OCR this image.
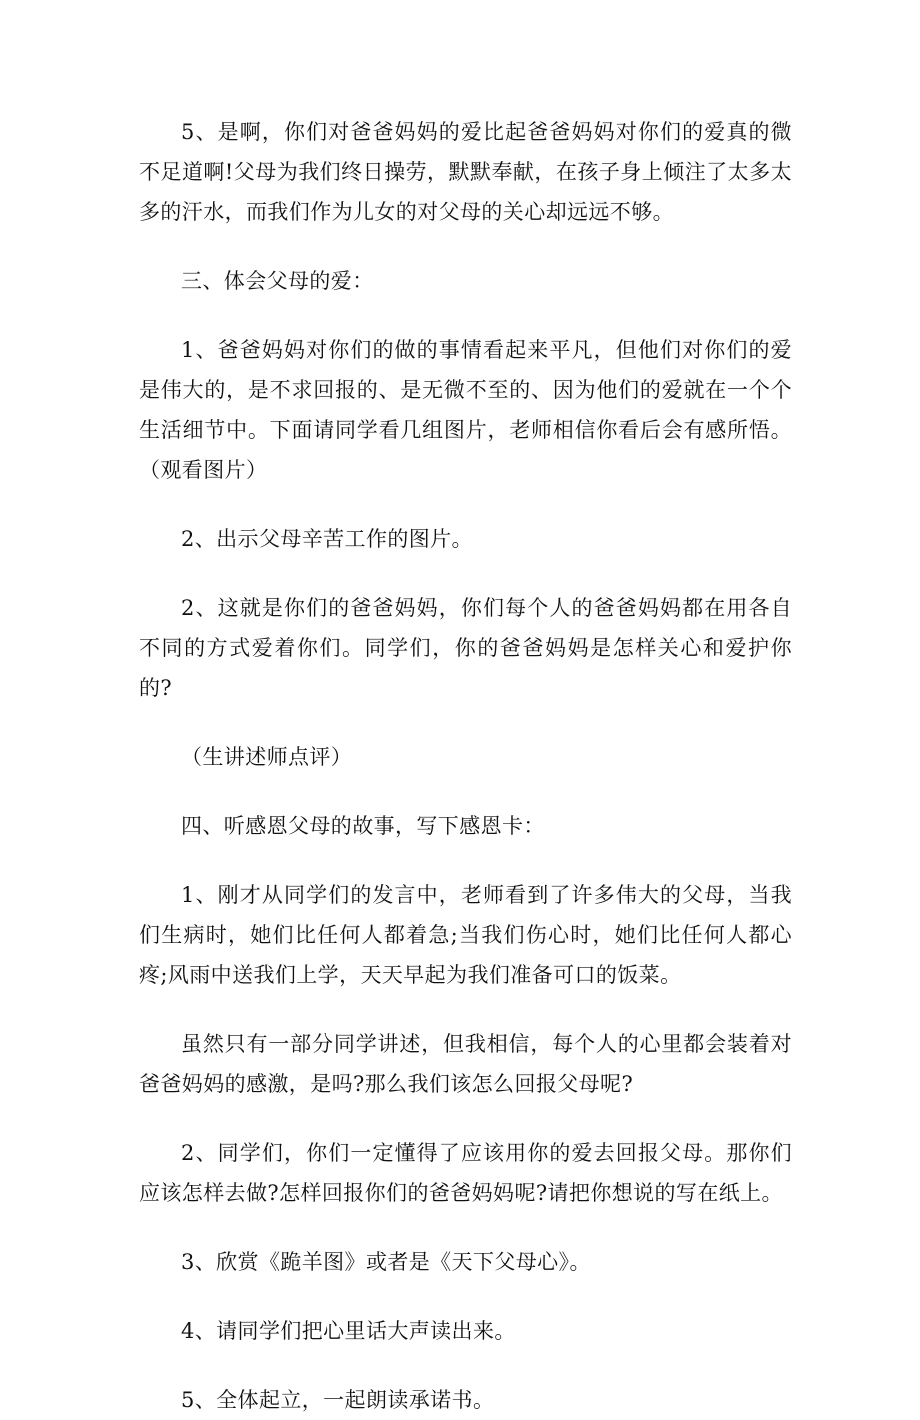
5、是啊，你们对爸爸妈妈的爱比起爸爸妈妈对你们的爱真的微不足道啊!父母为我们终日操劳，默默奉献，在孩子身上倾注了太多太多的汗水，而我们作为儿女的对父母的关心却远远不够。

三、体会父母的爱：

1、爸爸妈妈对你们的做的事情看起来平凡，但他们对你们的爱是伟大的，是不求回报的、是无微不至的、因为他们的爱就在一个个生活细节中。下面请同学看几组图片，老师相信你看后会有感所悟。（观看图片）

2、出示父母辛苦工作的图片。

2、这就是你们的爸爸妈妈，你们每个人的爸爸妈妈都在用各自不同的方式爱着你们。同学们，你的爸爸妈妈是怎样关心和爱护你的?

（生讲述师点评）

四、听感恩父母的故事，写下感恩卡：

1、刚才从同学们的发言中，老师看到了许多伟大的父母，当我们生病时，她们比任何人都着急;当我们伤心时，她们比任何人都心疼;风雨中送我们上学，天天早起为我们准备可口的饭菜。

虽然只有一部分同学讲述，但我相信，每个人的心里都会装着对爸爸妈妈的感激，是吗?那么我们该怎么回报父母呢?

2、同学们，你们一定懂得了应该用你的爱去回报父母。那你们应该怎样去做?怎样回报你们的爸爸妈妈呢?请把你想说的写在纸上。

3、欣赏《跪羊图》或者是《天下父母心》。

4、请同学们把心里话大声读出来。

5、全体起立，一起朗读承诺书。
